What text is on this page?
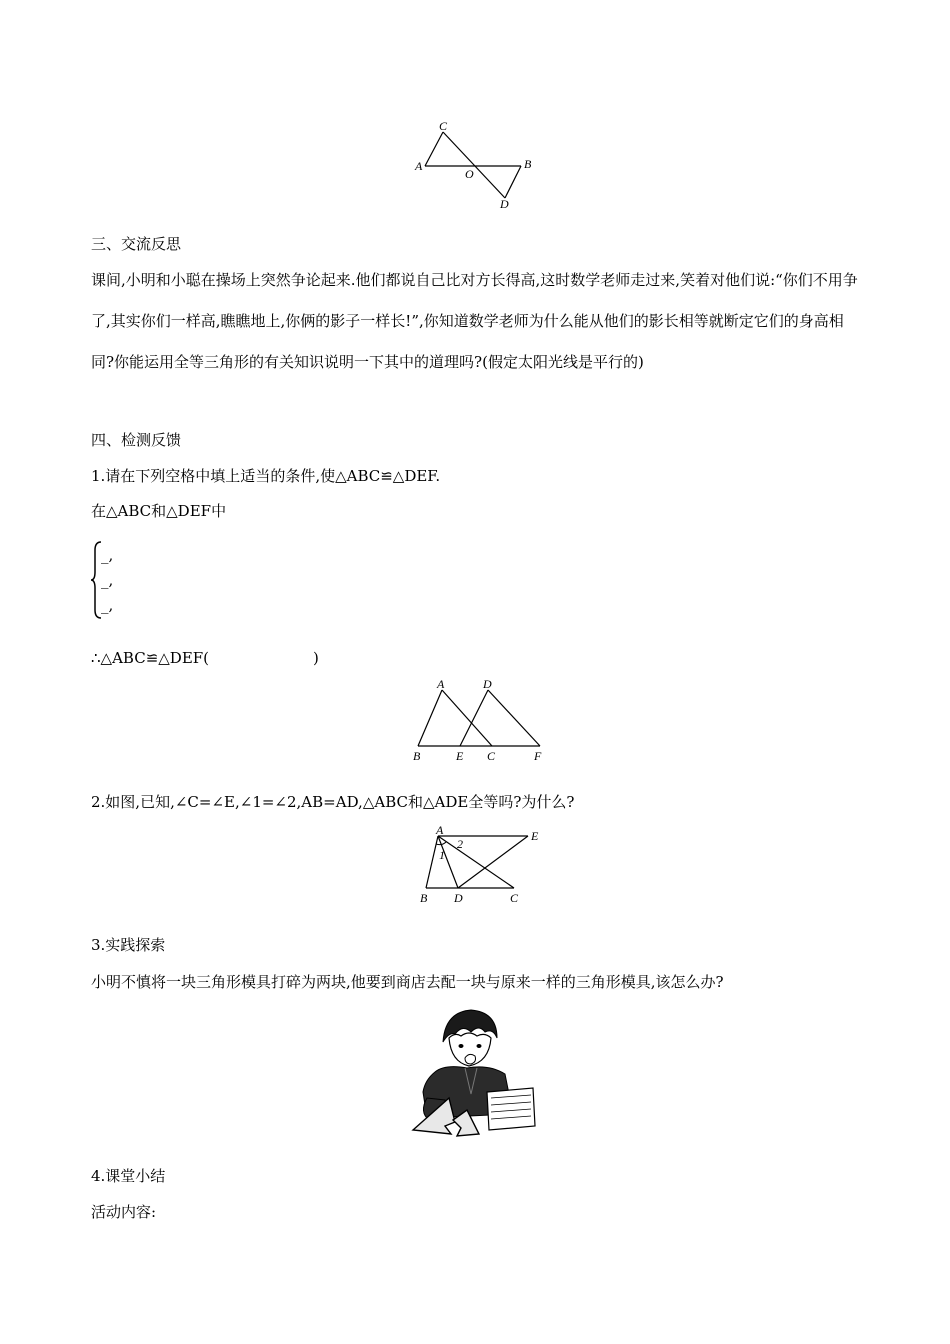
C
A
O
B
D
三、交流反思
课间,小明和小聪在操场上突然争论起来.他们都说自己比对方长得高,这时数学老师走过来,笑着对他们说:“你们不用争了,其实你们一样高,瞧瞧地上,你俩的影子一样长!”,你知道数学老师为什么能从他们的影长相等就断定它们的身高相同?你能运用全等三角形的有关知识说明一下其中的道理吗?(假定太阳光线是平行的)
四、检测反馈
1.请在下列空格中填上适当的条件,使△ABC≌△DEF.
在△ABC和△DEF中
_,
_,
_,
∴△ABC≌△DEF(	)
A	D
B	E C	F
2.如图,已知,∠C=∠E,∠1=∠2,AB=AD,△ABC和△ADE全等吗?为什么?
A	E
1
2
B D	C
3.实践探索
小明不慎将一块三角形模具打碎为两块,他要到商店去配一块与原来一样的三角形模具,该怎么办?
4.课堂小结
活动内容:
